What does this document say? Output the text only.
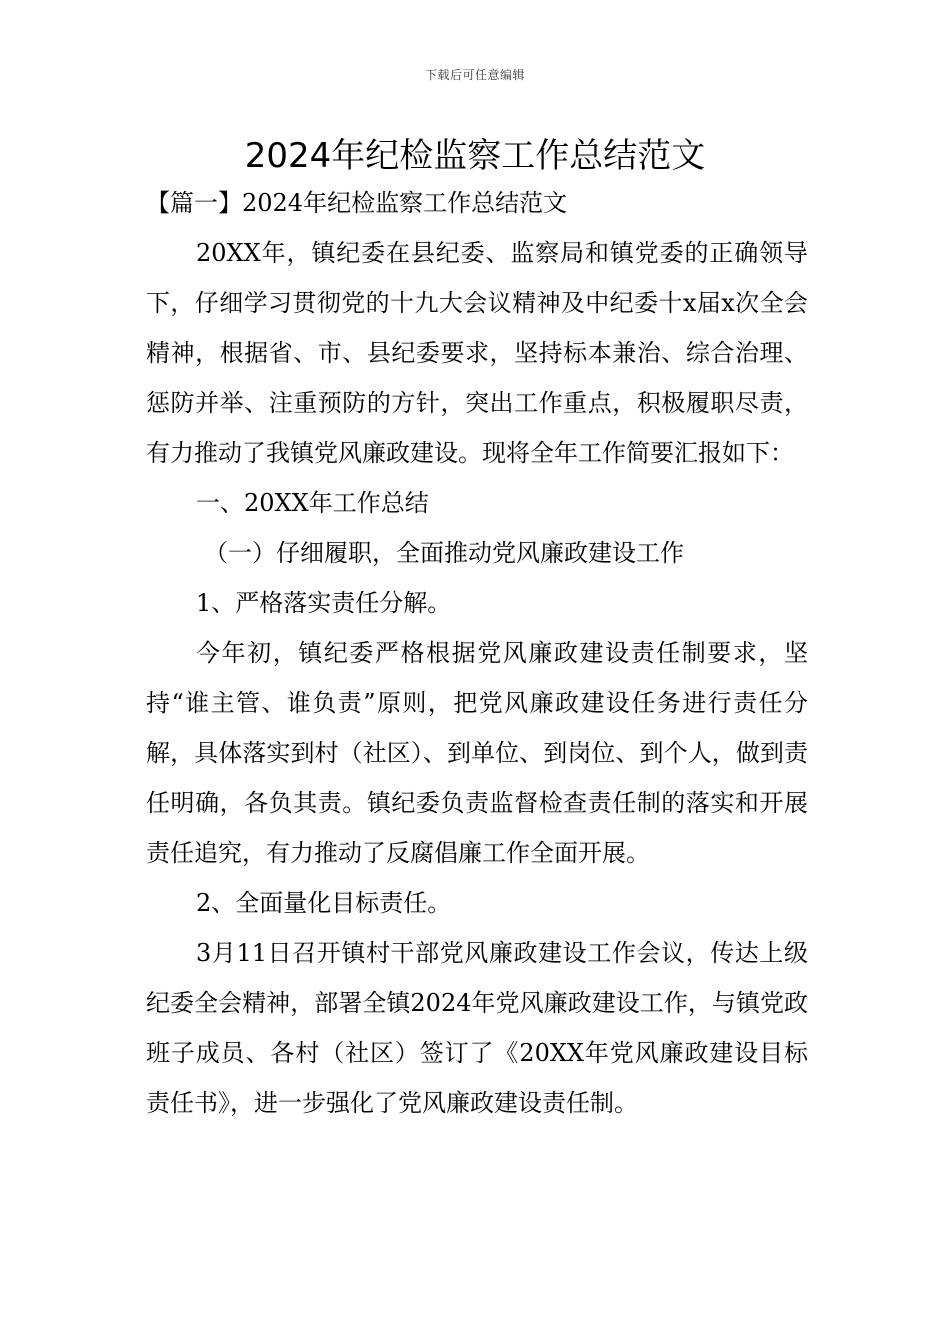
下载后可任意编辑
2024年纪检监察工作总结范文

【篇一】2024年纪检监察工作总结范文

20XX年，镇纪委在县纪委、监察局和镇党委的正确领导下，仔细学习贯彻党的十九大会议精神及中纪委十x届x次全会精神，根据省、市、县纪委要求，坚持标本兼治、综合治理、惩防并举、注重预防的方针，突出工作重点，积极履职尽责，有力推动了我镇党风廉政建设。现将全年工作简要汇报如下：

一、20XX年工作总结

（一）仔细履职，全面推动党风廉政建设工作

1、严格落实责任分解。

今年初，镇纪委严格根据党风廉政建设责任制要求，坚持“谁主管、谁负责”原则，把党风廉政建设任务进行责任分解，具体落实到村（社区）、到单位、到岗位、到个人，做到责任明确，各负其责。镇纪委负责监督检查责任制的落实和开展责任追究，有力推动了反腐倡廉工作全面开展。

2、全面量化目标责任。

3月11日召开镇村干部党风廉政建设工作会议，传达上级纪委全会精神，部署全镇2024年党风廉政建设工作，与镇党政班子成员、各村（社区）签订了《20XX年党风廉政建设目标责任书》，进一步强化了党风廉政建设责任制。
